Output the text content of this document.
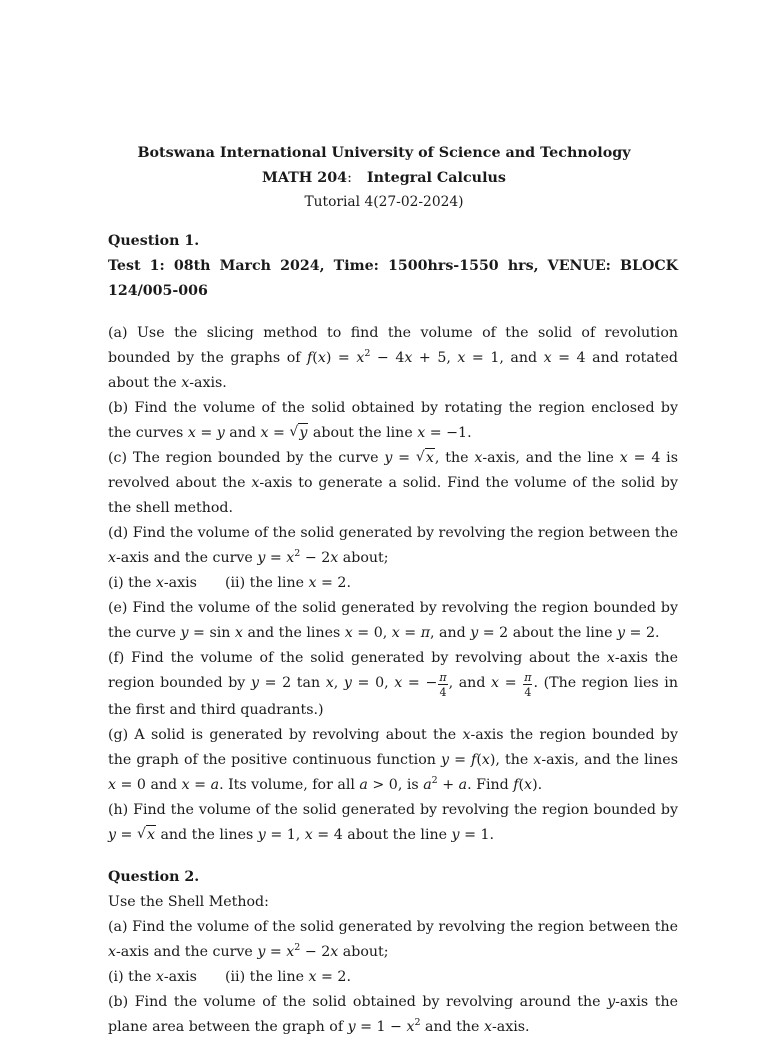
Botswana International University of Science and Technology
MATH 204: Integral Calculus
Tutorial 4(27-02-2024)
Question 1.
Test 1: 08th March 2024, Time: 1500hrs-1550 hrs, VENUE: BLOCK 124/005-006
(a) Use the slicing method to find the volume of the solid of revolution bounded by the graphs of $f(x) = x^2 - 4x + 5$, x = 1, and x = 4 and rotated about the x-axis.
(b) Find the volume of the solid obtained by rotating the region enclosed by the curves x = y and x = √ y about the line x = −1.
(c) The region bounded by the curve y = √ x, the x-axis, and the line x = 4 is revolved about the x-axis to generate a solid. Find the volume of the solid by the shell method.
(d) Find the volume of the solid generated by revolving the region between the x-axis and the curve $y = x^2 - 2x$ about;
(i) the x-axis (ii) the line x = 2.
(e) Find the volume of the solid generated by revolving the region bounded by the curve y = sin x and the lines x = 0, x = π, and y = 2 about the line y = 2.
(f) Find the volume of the solid generated by revolving about the x-axis the region bounded by y = 2 tan x, y = 0, x = − $\frac{\pi}{4}$ , and $x = \frac{\pi}{4}$ . (The region lies in the first and third quadrants.)
(g) A solid is generated by revolving about the x-axis the region bounded by the graph of the positive continuous function y = f(x), the x-axis, and the lines x = 0 and x = a. Its volume, for all a > 0, is $a^2 + a$. Find f(x).
(h) Find the volume of the solid generated by revolving the region bounded by y = √ x and the lines y = 1, x = 4 about the line y = 1.
Question 2.
Use the Shell Method:
(a) Find the volume of the solid generated by revolving the region between the x-axis and the curve $y = x^2 - 2x$ about;
(i) the x-axis (ii) the line x = 2.
(b) Find the volume of the solid obtained by revolving around the y-axis the plane area between the graph of $y = 1 - x^2$ and the x-axis.
